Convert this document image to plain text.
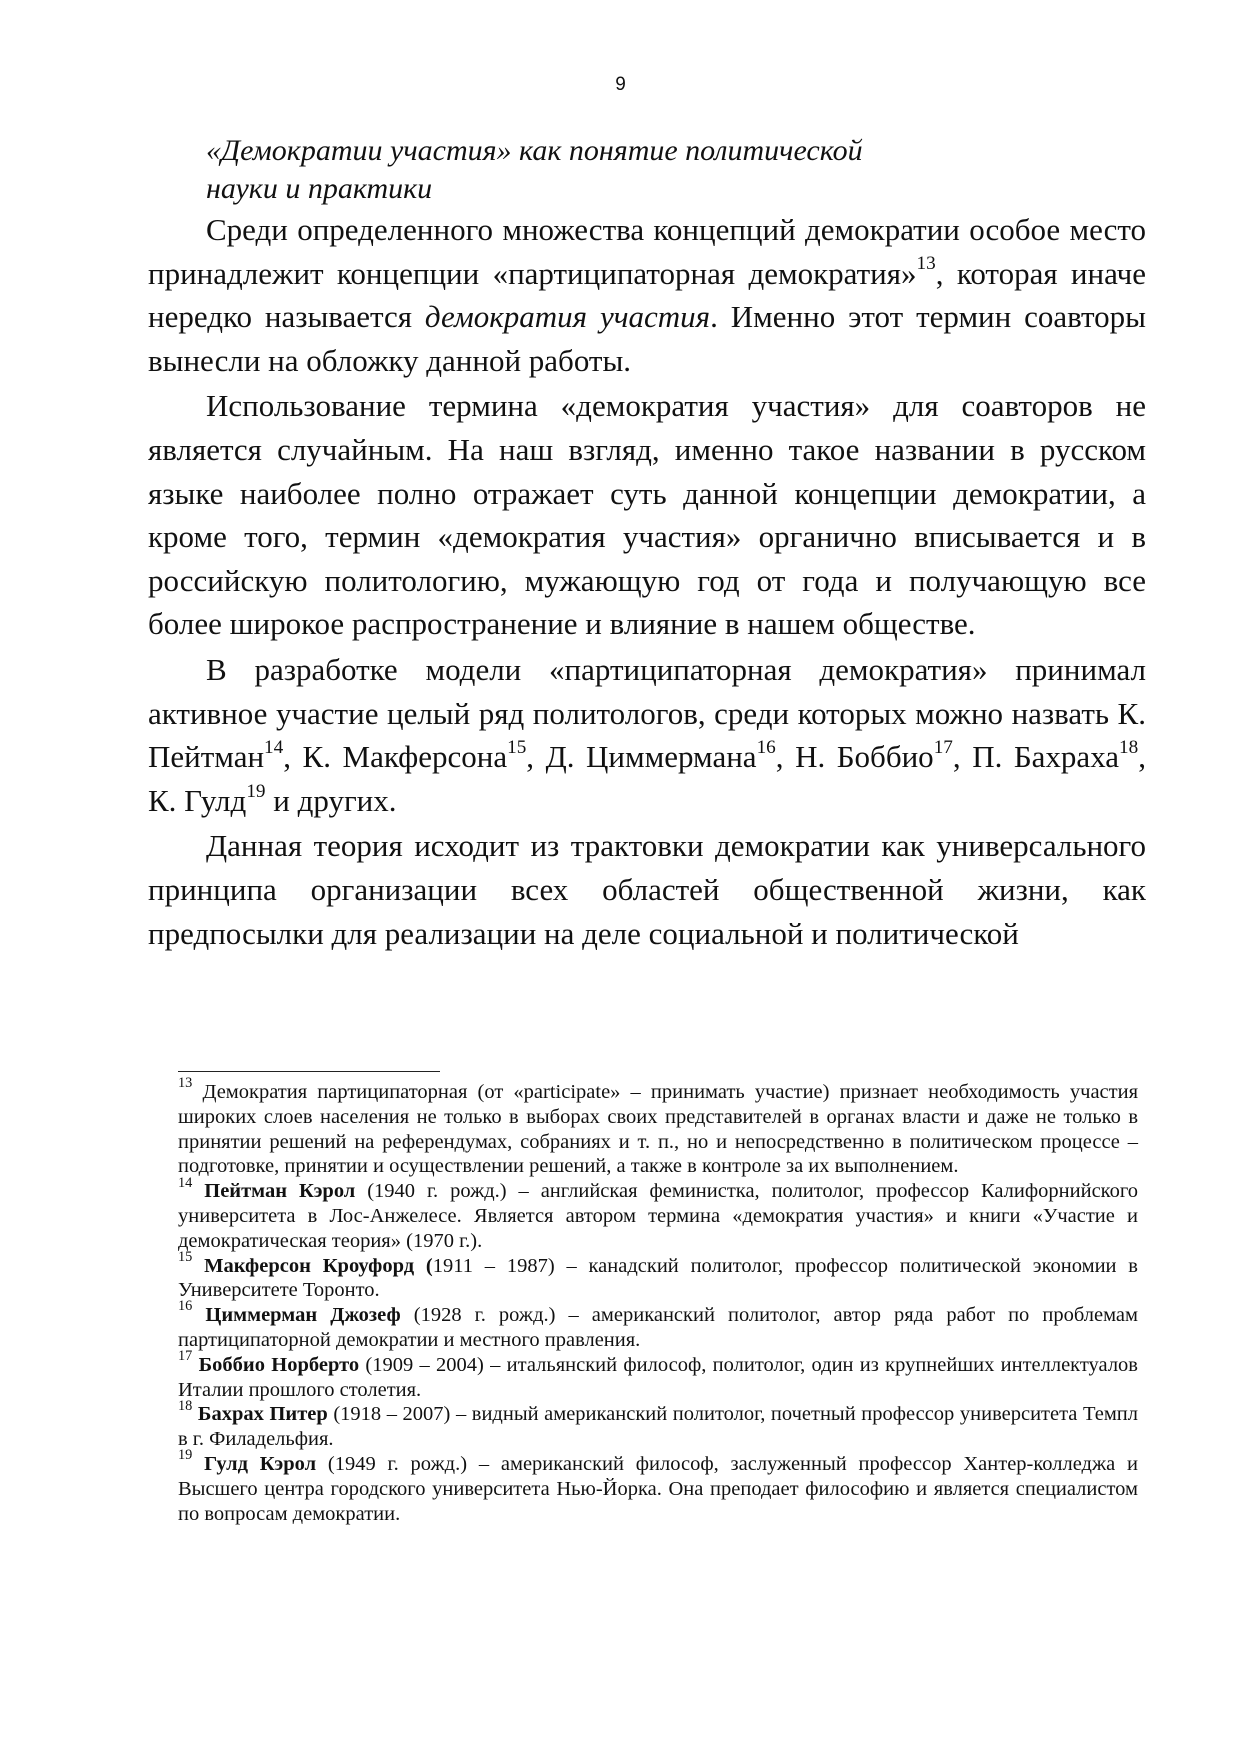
9
«Демократии участия» как понятие политической
науки и практики

Среди определенного множества концепций демократии особое место принадлежит концепции «партиципаторная демократия»$^{13}$, которая иначе нередко называется демократия участия. Именно этот термин соавторы вынесли на обложку данной работы.

Использование термина «демократия участия» для соавторов не является случайным. На наш взгляд, именно такое названии в русском языке наиболее полно отражает суть данной концепции демократии, а кроме того, термин «демократия участия» органично вписывается и в российскую политологию, мужающую год от года и получающую все более широкое распространение и влияние в нашем обществе.

В разработке модели «партиципаторная демократия» принимал активное участие целый ряд политологов, среди которых можно назвать К. Пейтман$^{14}$, К. Макферсона$^{15}$, Д. Циммермана$^{16}$, Н. Боббио$^{17}$, П. Бахраха$^{18}$, К. Гулд$^{19}$ и других.

Данная теория исходит из трактовки демократии как универсального принципа организации всех областей общественной жизни, как предпосылки для реализации на деле социальной и политической

$^{13}$ Демократия партиципаторная (от «participate» – принимать участие) признает необходимость участия широких слоев населения не только в выборах своих представителей в органах власти и даже не только в принятии решений на референдумах, собраниях и т. п., но и непосредственно в политическом процессе – подготовке, принятии и осуществлении решений, а также в контроле за их выполнением.

$^{14}$ Пейтман Кэрол (1940 г. рожд.) – английская феминистка, политолог, профессор Калифорнийского университета в Лос-Анжелесе. Является автором термина «демократия участия» и книги «Участие и демократическая теория» (1970 г.).

$^{15}$ Макферсон Кроуфорд (1911 – 1987) – канадский политолог, профессор политической экономии в Университете Торонто.

$^{16}$ Циммерман Джозеф (1928 г. рожд.) – американский политолог, автор ряда работ по проблемам партиципаторной демократии и местного правления.

$^{17}$ Боббио Норберто (1909 – 2004) – итальянский философ, политолог, один из крупнейших интеллектуалов Италии прошлого столетия.

$^{18}$ Бахрах Питер (1918 – 2007) – видный американский политолог, почетный профессор университета Темпл в г. Филадельфия.

$^{19}$ Гулд Кэрол (1949 г. рожд.) – американский философ, заслуженный профессор Хантер-колледжа и Высшего центра городского университета Нью-Йорка. Она преподает философию и является специалистом по вопросам демократии.
